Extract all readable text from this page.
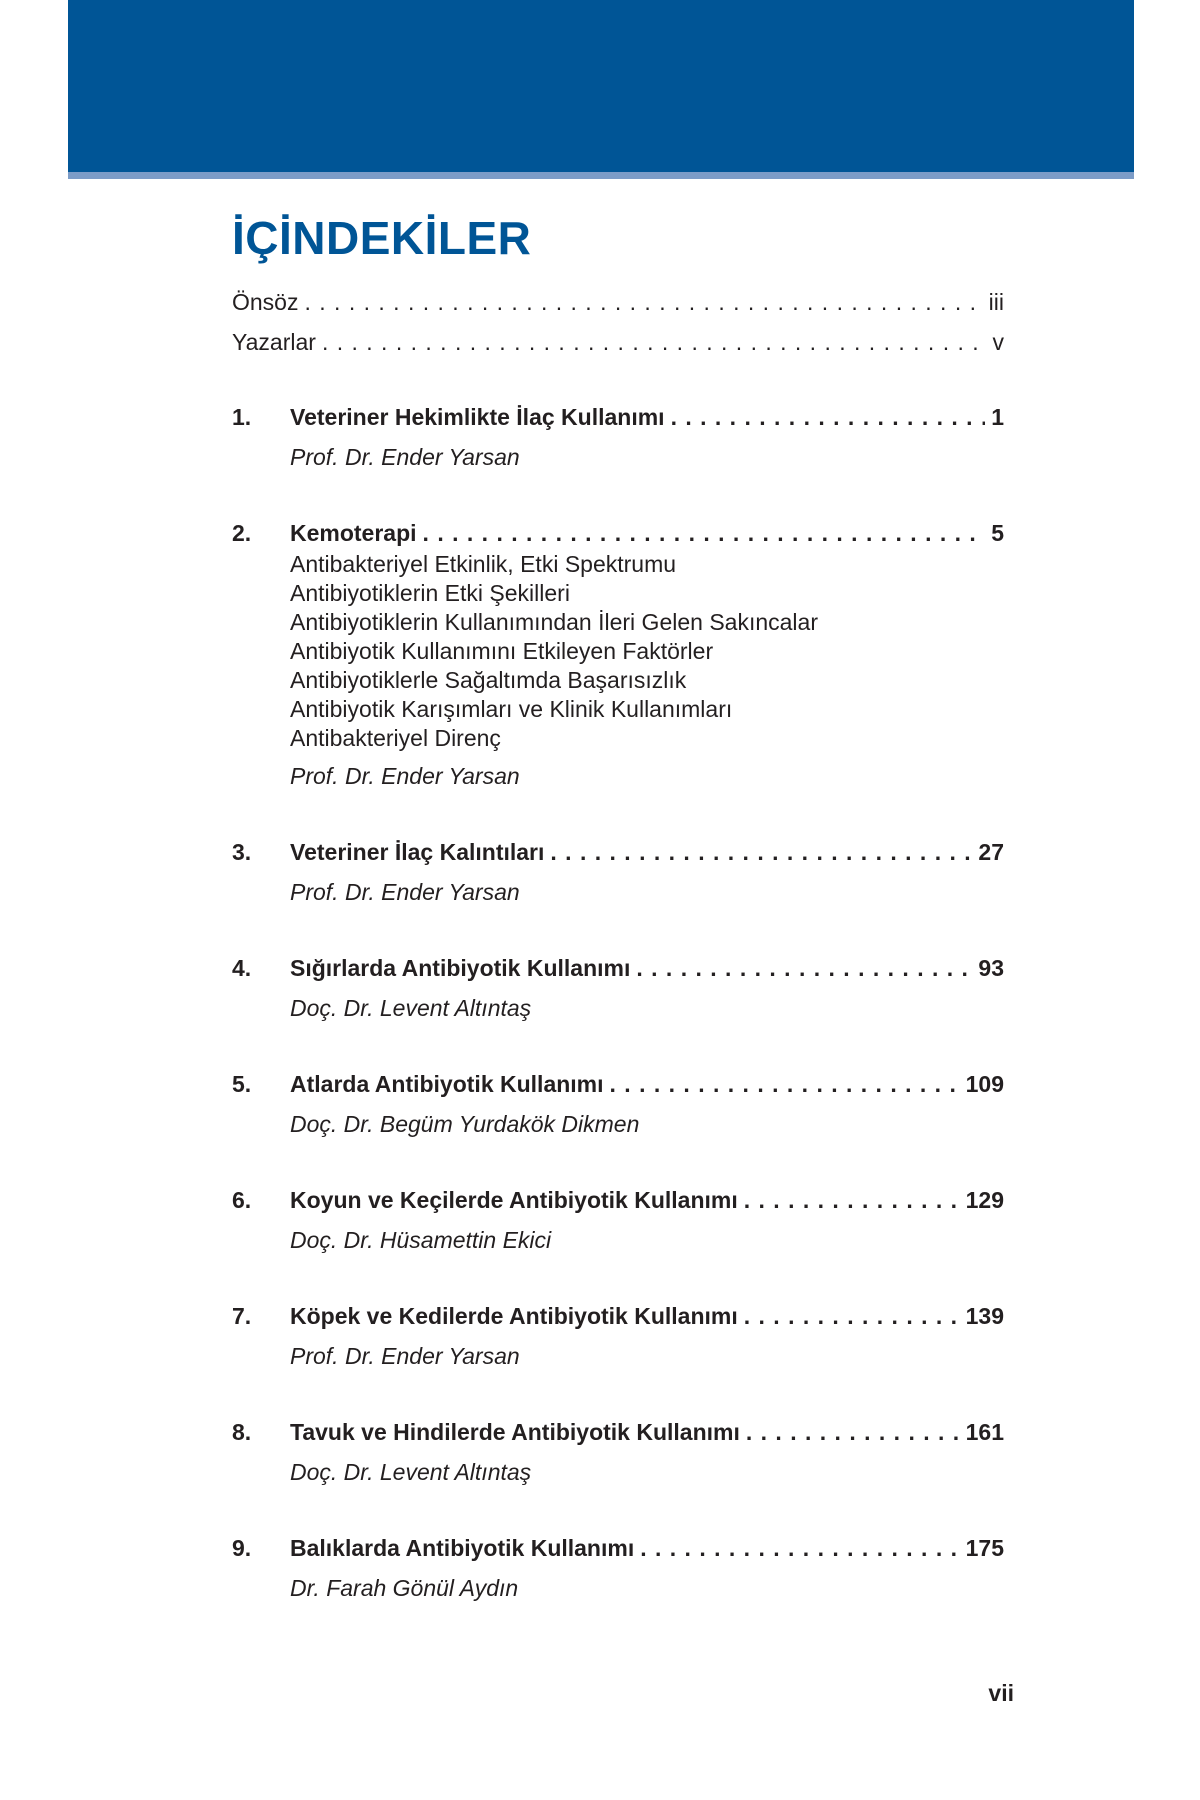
İÇİNDEKİLER
Önsöz . . .	iii
Yazarlar . . .	v
1.	Veteriner Hekimlikte İlaç Kullanımı . . .	1
Prof. Dr. Ender Yarsan
2.	Kemoterapi . . .	5
Antibakteriyel Etkinlik, Etki Spektrumu
Antibiyotiklerin Etki Şekilleri
Antibiyotiklerin Kullanımından İleri Gelen Sakıncalar
Antibiyotik Kullanımını Etkileyen Faktörler
Antibiyotiklerle Sağaltımda Başarısızlık
Antibiyotik Karışımları ve Klinik Kullanımları
Antibakteriyel Direnç
Prof. Dr. Ender Yarsan
3.	Veteriner İlaç Kalıntıları . . .	27
Prof. Dr. Ender Yarsan
4.	Sığırlarda Antibiyotik Kullanımı . . .	93
Doç. Dr. Levent Altıntaş
5.	Atlarda Antibiyotik Kullanımı . . .	109
Doç. Dr. Begüm Yurdakök Dikmen
6.	Koyun ve Keçilerde Antibiyotik Kullanımı . . .	129
Doç. Dr. Hüsamettin Ekici
7.	Köpek ve Kedilerde Antibiyotik Kullanımı . . .	139
Prof. Dr. Ender Yarsan
8.	Tavuk ve Hindilerde Antibiyotik Kullanımı . . .	161
Doç. Dr. Levent Altıntaş
9.	Balıklarda Antibiyotik Kullanımı . . .	175
Dr. Farah Gönül Aydın
vii
